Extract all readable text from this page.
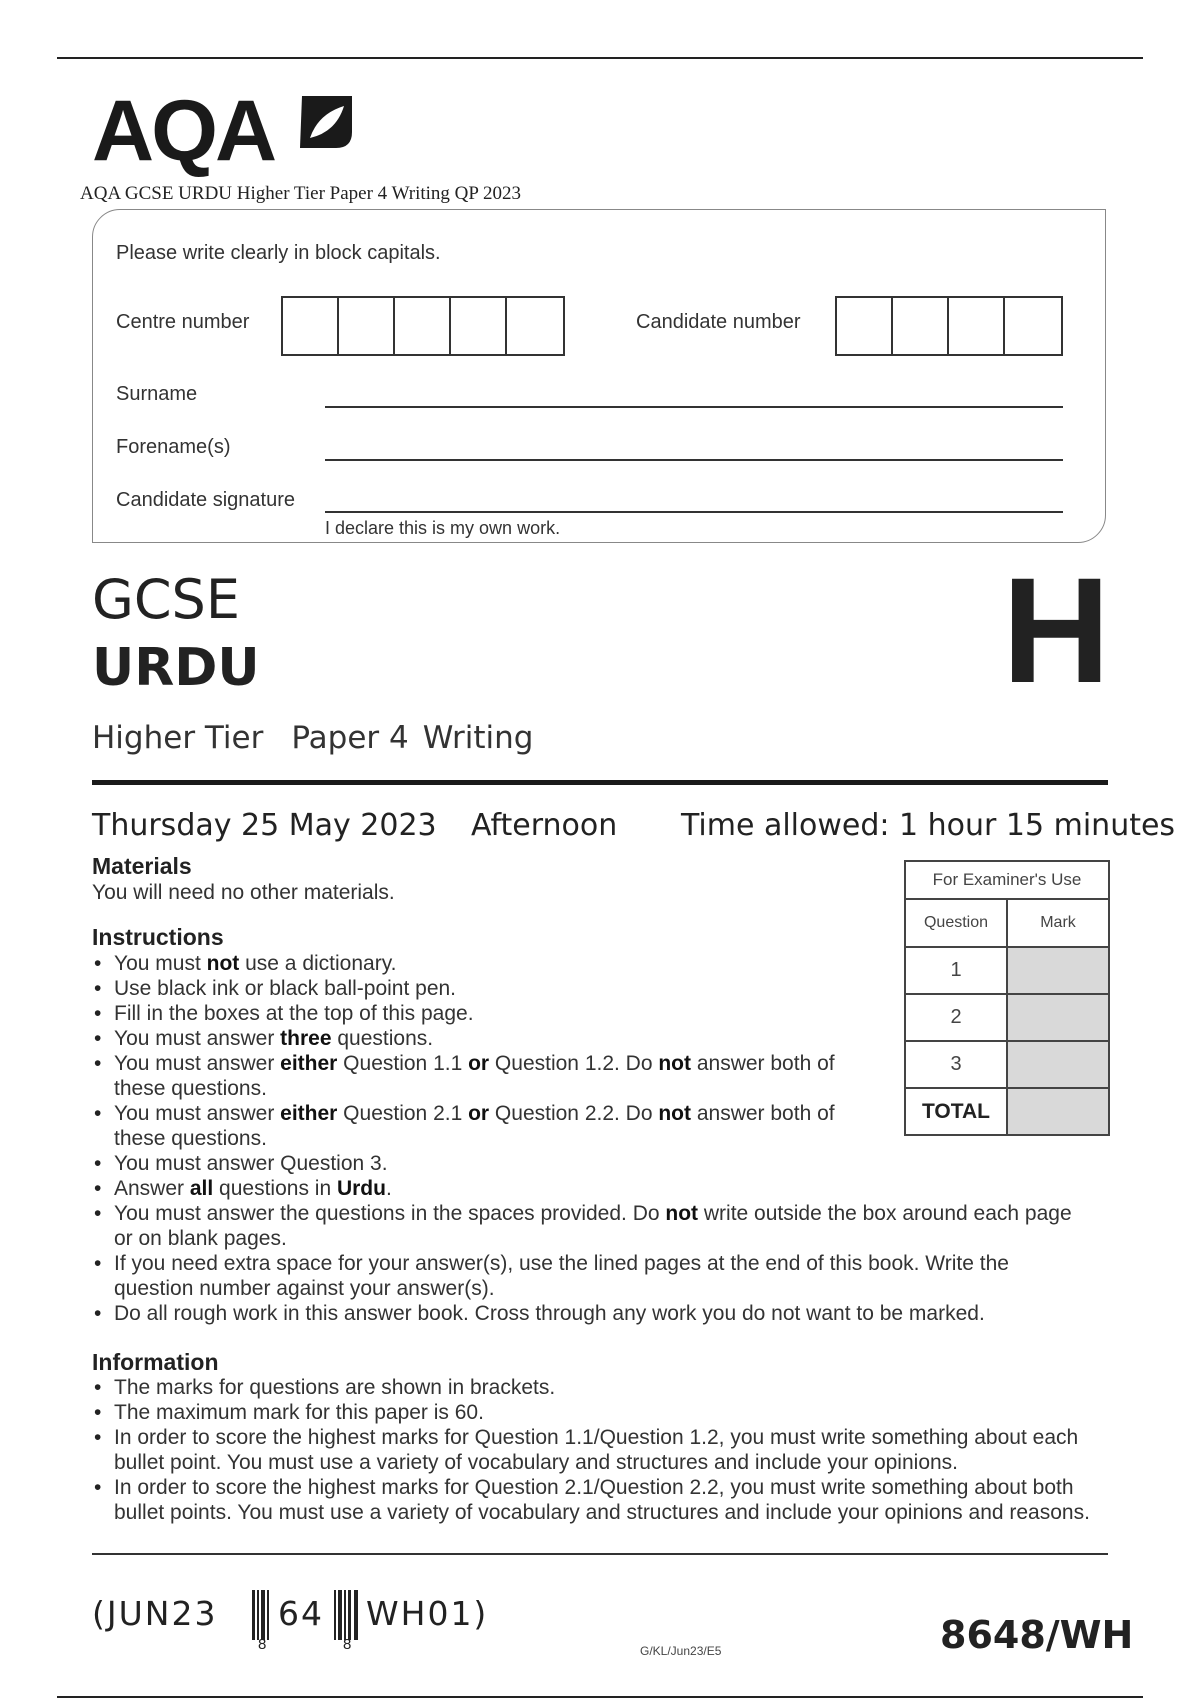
AQA
AQA GCSE URDU Higher Tier Paper 4 Writing QP 2023
Please write clearly in block capitals.
Centre number	Candidate number
Surname
Forename(s)
Candidate signature
I declare this is my own work.
GCSE
URDU	H
Higher Tier Paper 4 Writing
Thursday 25 May 2023 Afternoon Time allowed: 1 hour 15 minutes
Materials
You will need no other materials.
Instructions
• You must not use a dictionary.
• Use black ink or black ball-point pen.
• Fill in the boxes at the top of this page.
• You must answer three questions.
• You must answer either Question 1.1 or Question 1.2. Do not answer both of these questions.
• You must answer either Question 2.1 or Question 2.2. Do not answer both of these questions.
• You must answer Question 3.
• Answer all questions in Urdu.
• You must answer the questions in the spaces provided. Do not write outside the box around each page or on blank pages.
• If you need extra space for your answer(s), use the lined pages at the end of this book. Write the question number against your answer(s).
• Do all rough work in this answer book. Cross through any work you do not want to be marked.
For Examiner's Use	
Question	Mark
1	
2	
3	
TOTAL	
Information
• The marks for questions are shown in brackets.
• The maximum mark for this paper is 60.
• In order to score the highest marks for Question 1.1/Question 1.2, you must write something about each bullet point. You must use a variety of vocabulary and structures and include your opinions.
• In order to score the highest marks for Question 2.1/Question 2.2, you must write something about both bullet points. You must use a variety of vocabulary and structures and include your opinions and reasons.
(JUN23 64 WH01)
8	8	G/KL/Jun23/E5	8648/WH
